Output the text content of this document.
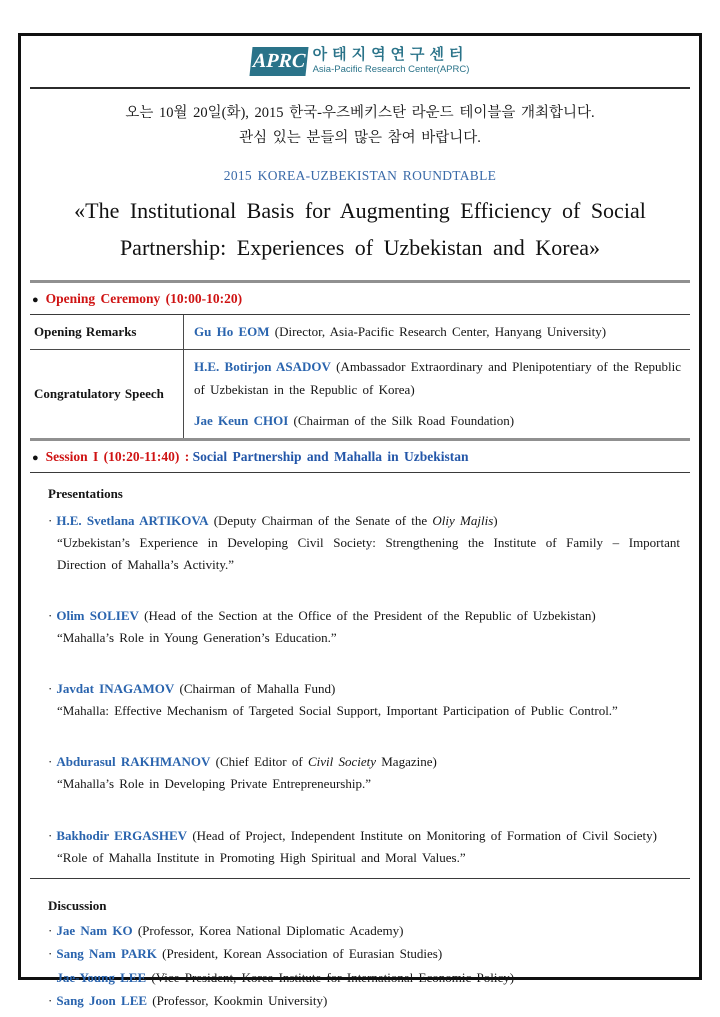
APRC 아태지역연구센터
Asia-Pacific Research Center(APRC)
오는 10월 20일(화), 2015 한국-우즈베키스탄 라운드 테이블을 개최합니다.
관심 있는 분들의 많은 참여 바랍니다.
2015 KOREA-UZBEKISTAN ROUNDTABLE
«The Institutional Basis for Augmenting Efficiency of Social
Partnership: Experiences of Uzbekistan and Korea»
● Opening Ceremony (10:00-10:20)
Opening Remarks	Gu Ho EOM (Director, Asia-Pacific Research Center, Hanyang University)

Congratulatory Speech

H.E. Botirjon ASADOV (Ambassador Extraordinary and Plenipotentiary of the Republic of Uzbekistan in the Republic of Korea)

Jae Keun CHOI (Chairman of the Silk Road Foundation)

● Session I (10:20-11:40) : Social Partnership and Mahalla in Uzbekistan
Presentations
· H.E. Svetlana ARTIKOVA (Deputy Chairman of the Senate of the Oliy Majlis)
“Uzbekistan’s Experience in Developing Civil Society: Strengthening the Institute of Family – Important Direction of Mahalla’s Activity.”
· Olim SOLIEV (Head of the Section at the Office of the President of the Republic of Uzbekistan)
“Mahalla’s Role in Young Generation’s Education.”
· Javdat INAGAMOV (Chairman of Mahalla Fund)
“Mahalla: Effective Mechanism of Targeted Social Support, Important Participation of Public Control.”
· Abdurasul RAKHMANOV (Chief Editor of Civil Society Magazine)
“Mahalla’s Role in Developing Private Entrepreneurship.”
· Bakhodir ERGASHEV (Head of Project, Independent Institute on Monitoring of Formation of Civil Society)
“Role of Mahalla Institute in Promoting High Spiritual and Moral Values.”
Discussion
· Jae Nam KO (Professor, Korea National Diplomatic Academy)
· Sang Nam PARK (President, Korean Association of Eurasian Studies)
· Jae-Young LEE (Vice President, Korea Institute for International Economic Policy)
· Sang Joon LEE (Professor, Kookmin University)
